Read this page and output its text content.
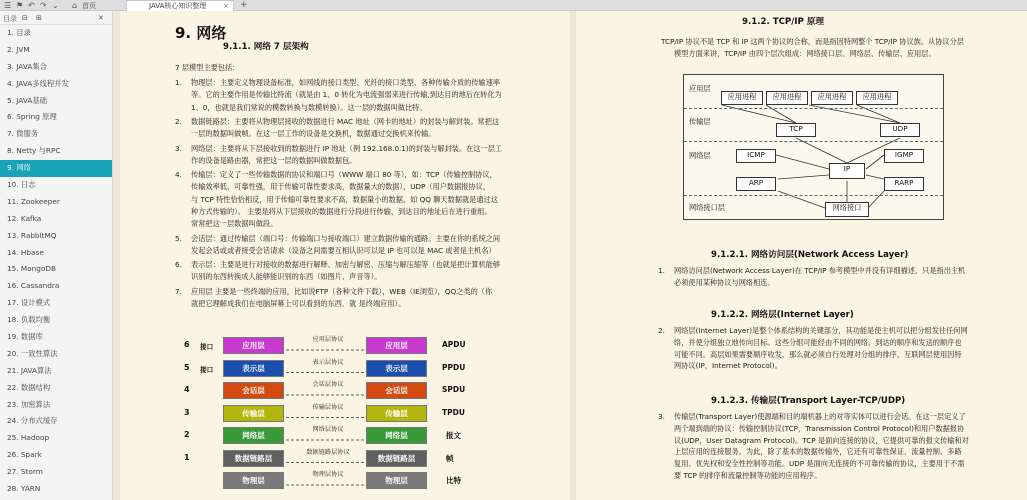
☰ ⚑ ↶ ↷ ⌄ ⌂ 首页	JAVA核心知识整理 × +
目录 ⊟ ⊞	✕
1. 目录
2. JVM
3. JAVA集合
4. JAVA多线程并发
5. JAVA基础
6. Spring 原理
7. 微服务
8. Netty 与RPC
9. 网络
10. 日志
11. Zookeeper
12. Kafka
13. RabbitMQ
14. Hbase
15. MongoDB
16. Cassandra
17. 设计模式
18. 负载均衡
19. 数据库
20. 一致性算法
21. JAVA算法
22. 数据结构
23. 加密算法
24. 分布式缓存
25. Hadoop
26. Spark
27. Storm
28. YARN
9. 网络
9.1.1. 网络 7 层架构
7 层模型主要包括：
1.	物理层：主要定义物理设备标准，如网线的接口类型、光纤的接口类型、各种传输介质的传输速率
等。它的主要作用是传输比特流（就是由 1、0 转化为电流强弱来进行传输,到达目的地后在转化为
1、0，也就是我们常说的模数转换与数模转换）。这一层的数据叫做比特。
2.	数据链路层：主要将从物理层接收的数据进行 MAC 地址（网卡的地址）的封装与解封装。常把这
一层的数据叫做帧。在这一层工作的设备是交换机，数据通过交换机来传输。
3.	网络层：主要将从下层接收到的数据进行 IP 地址（例 192.168.0.1)的封装与解封装。在这一层工
作的设备是路由器，常把这一层的数据叫做数据包。
4.	传输层：定义了一些传输数据的协议和端口号（WWW 端口 80 等），如：TCP（传输控制协议，
传输效率低，可靠性强，用于传输可靠性要求高，数据量大的数据），UDP（用户数据报协议，
与 TCP 特性恰恰相反，用于传输可靠性要求不高，数据量小的数据，如 QQ 聊天数据就是通过这
种方式传输的）。 主要是将从下层接收的数据进行分段进行传输，到达目的地址后在进行重组。
常常把这一层数据叫做段。
5.	会话层：通过传输层（端口号：传输端口与接收端口）建立数据传输的通路。主要在你的系统之间
发起会话或或者接受会话请求（设备之间需要互相认识可以是 IP 也可以是 MAC 或者是主机名）
6.	表示层：主要是进行对接收的数据进行解释、加密与解密、压缩与解压缩等（也就是把计算机能够
识别的东西转换成人能够能识别的东西（如图片、声音等）。
7.	应用层 主要是一些终端的应用，比如说FTP（各种文件下载），WEB（IE浏览），QQ之类的（你
就把它理解成我们在电脑屏幕上可以看到的东西．就 是终端应用）。
应用层	应用层
应用层协议
APDU
6 接口
表示层	表示层
表示层协议
PPDU
5 接口
会话层	会话层
会话层协议
SPDU
4
传输层	传输层
传输层协议
TPDU
3
网络层	网络层
网络层协议
报文
2
数据链路层	数据链路层
数据链路层协议
帧
1
物理层	物理层
物理层协议
比特
9.1.2. TCP/IP 原理
TCP/IP 协议不是 TCP 和 IP 这两个协议的合称，而是指因特网整个 TCP/IP 协议族。从协议分层
模型方面来讲，TCP/IP 由四个层次组成：网络接口层、网络层、传输层、应用层。
应用层
传输层
网络层
网络接口层
应用进程	应用进程	应用进程	应用进程
TCP	UDP
ICMP	IGMP
IP
ARP	RARP
网络接口
9.1.2.1. 网络访问层(Network Access Layer)
1.	网络访问层(Network Access Layer)在 TCP/IP 参考模型中并没有详细描述，只是指出主机
必须使用某种协议与网络相连。
9.1.2.2. 网络层(Internet Layer)
2.	网络层(Internet Layer)是整个体系结构的关键部分，其功能是使主机可以把分组发往任何网
络，并使分组独立地传向目标。这些分组可能经由不同的网络，到达的顺序和发送的顺序也
可能不同。高层如果需要顺序收发，那么就必须自行处理对分组的排序。互联网层使用因特
网协议(IP，Internet Protocol)。
9.1.2.3. 传输层(Transport Layer-TCP/UDP)
3.	传输层(Transport Layer)使源端和目的端机器上的对等实体可以进行会话。在这一层定义了
两个端到端的协议：传输控制协议(TCP，Transmission Control Protocol)和用户数据报协
议(UDP，User Datagram Protocol)。TCP 是面向连接的协议，它提供可靠的报文传输和对
上层应用的连接服务。为此，除了基本的数据传输外，它还有可靠性保证、流量控制、多路
复用、优先权和安全性控制等功能。UDP 是面向无连接的不可靠传输的协议，主要用于不需
要 TCP 的排序和流量控制等功能的应用程序。
